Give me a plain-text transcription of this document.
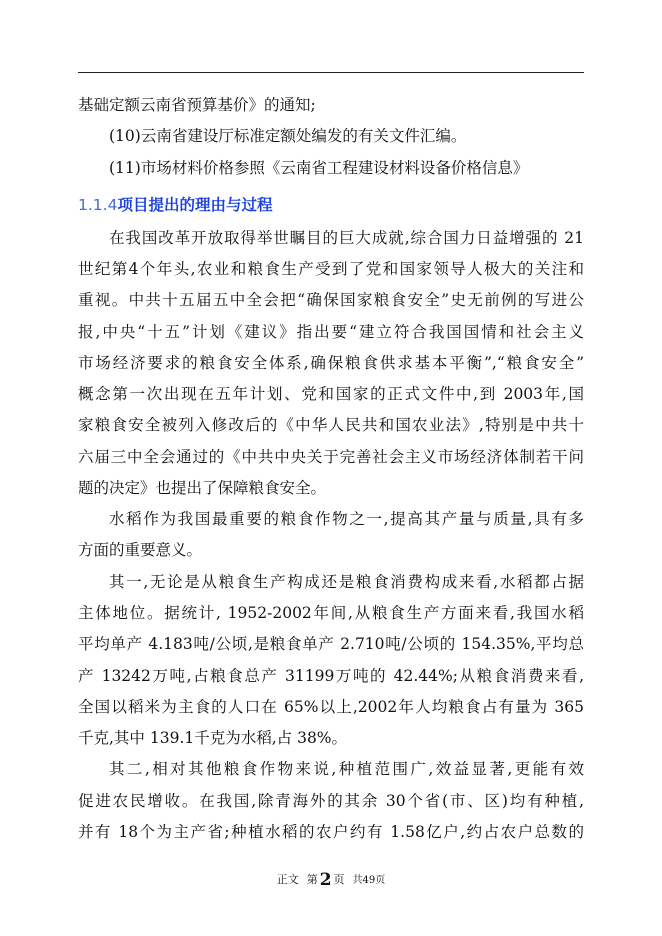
基础定额云南省预算基价》的通知;
(10)云南省建设厅标准定额处编发的有关文件汇编。
(11)市场材料价格参照《云南省工程建设材料设备价格信息》
1.1.4项目提出的理由与过程
在我国改革开放取得举世瞩目的巨大成就,综合国力日益增强的 21
世纪第4个年头,农业和粮食生产受到了党和国家领导人极大的关注和
重视。中共十五届五中全会把“确保国家粮食安全”史无前例的写进公
报,中央“十五”计划《建议》指出要“建立符合我国国情和社会主义
市场经济要求的粮食安全体系,确保粮食供求基本平衡”,“粮食安全”
概念第一次出现在五年计划、党和国家的正式文件中,到 2003年,国
家粮食安全被列入修改后的《中华人民共和国农业法》,特别是中共十
六届三中全会通过的《中共中央关于完善社会主义市场经济体制若干问
题的决定》也提出了保障粮食安全。
水稻作为我国最重要的粮食作物之一,提高其产量与质量,具有多
方面的重要意义。
其一,无论是从粮食生产构成还是粮食消费构成来看,水稻都占据
主体地位。据统计, 1952-2002年间,从粮食生产方面来看,我国水稻
平均单产 4.183吨/公顷,是粮食单产 2.710吨/公顷的 154.35%,平均总
产 13242万吨,占粮食总产 31199万吨的 42.44%;从粮食消费来看,
全国以稻米为主食的人口在 65%以上,2002年人均粮食占有量为 365
千克,其中 139.1千克为水稻,占 38%。
其二,相对其他粮食作物来说,种植范围广,效益显著,更能有效
促进农民增收。在我国,除青海外的其余 30个省(市、区)均有种植,
并有 18个为主产省;种植水稻的农户约有 1.58亿户,约占农户总数的
正文 第 2 页 共49页
